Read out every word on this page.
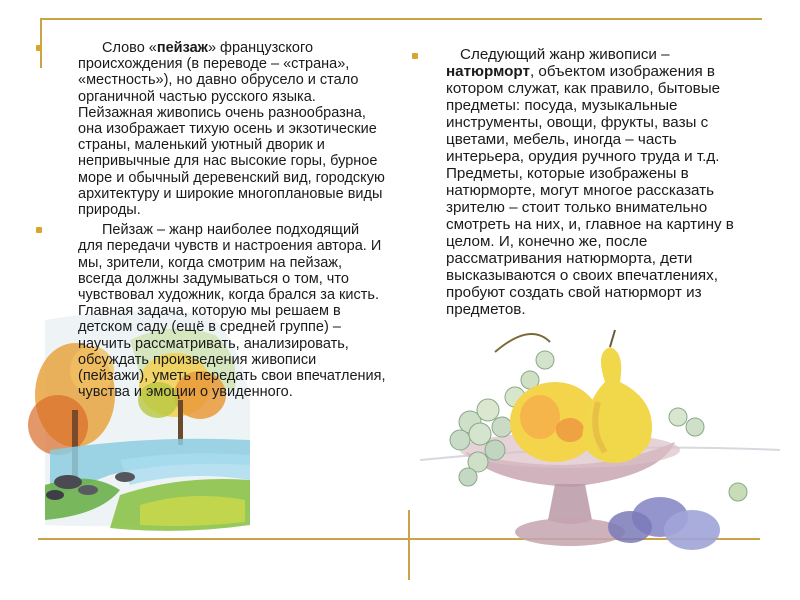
Слово «пейзаж» французского происхождения (в переводе – «страна», «местность»), но давно обрусело и стало органичной частью русского языка. Пейзажная живопись очень разнообразна, она изображает тихую осень и экзотические страны, маленький уютный дворик и непривычные для нас высокие горы, бурное море и обычный деревенский вид, городскую архитектуру и широкие многоплановые виды природы.

Пейзаж – жанр наиболее подходящий для передачи чувств и настроения автора. И мы, зрители, когда смотрим на пейзаж, всегда должны задумываться о том, что чувствовал художник, когда брался за кисть. Главная задача, которую мы решаем в детском саду (ещё в средней группе) – научить рассматривать, анализировать, обсуждать произведения живописи (пейзажи), уметь передать свои впечатления, чувства и эмоции о увиденного.

Следующий жанр живописи – натюрморт, объектом изображения в котором служат, как правило, бытовые предметы: посуда, музыкальные инструменты, овощи, фрукты, вазы с цветами, мебель, иногда – часть интерьера, орудия ручного труда и т.д. Предметы, которые изображены в натюрморте, могут многое рассказать зрителю – стоит только внимательно смотреть на них, и, главное на картину в целом. И, конечно же, после рассматривания натюрморта, дети высказываются о своих впечатлениях, пробуют создать свой натюрморт из предметов.
